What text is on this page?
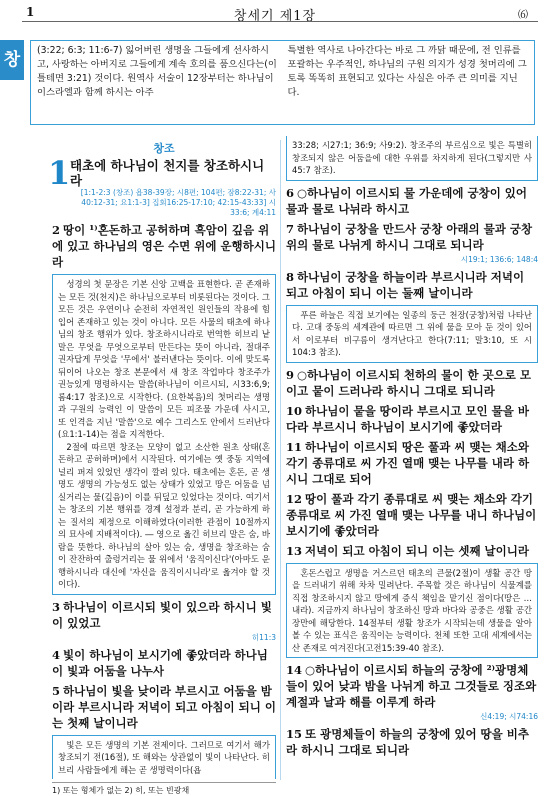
1	창세기 제1장	⑹
창	(3:22; 6:3; 11:6-7) 잃어버린 생명을 그들에게 선사하시고, 사랑하는 아버지로 그들에게 계속 호의를 품으신다는(이틀테면 3:21) 것이다. 원역사 서술이 12장부터는 하나님이 이스라엘과 함께 하시는 아주
특별한 역사로 나아간다는 바로 그 까닭 때문에, 전 인류를 포괄하는 우주적인, 하나님의 구원 의지가 성경 첫머리에 그토록 똑똑히 표현되고 있다는 사실은 아주 큰 의미를 지닌다.
창조
1 태초에 하나님이 천지를 창조하시니라
[1:1-2:3 (창조) 욥38-39장; 시8편; 104편; 잠8:22-31; 사40:12-31; 요1:1-3] 집회16:25-17:10; 42:15-43:33] 시33:6; 계4:11
2 땅이 ¹⁾혼돈하고 공허하며 흑암이 깊음 위에 있고 하나님의 영은 수면 위에 운행하시니라
성경의 첫 문장은 기본 신앙 고백을 표현한다. 곧 존재하는 모든 것(천지)은 하나님으로부터 비롯된다는 것이다. 그 모든 것은 우연이나 순전히 자연적인 원인들의 작용에 힘입어 존재하고 있는 것이 아니다. 모든 사물의 태초에 하나님의 창조 행위가 있다. 창조하시니라로 번역한 히브리 낱말은 무엇을 무엇으로부터 만든다는 뜻이 아니라, 절대주권자답게 무엇을 '무에서' 불러낸다는 뜻이다. 이에 맞도록 뒤이어 나오는 창조 본문에서 새 창조 작업마다 창조주가 권능있게 명령하시는 말씀(하나님이 이르시되, 시33:6,9; 롬4:17 참조)으로 시작한다. (요한복음)의 첫머리는 생명과 구원의 능력인 이 말씀이 모든 피조물 가운데 사시고, 또 인격을 지닌 '말씀'으로 예수 그리스도 안에서 드러난다(요1:1-14)는 점을 지적한다.
2절에 따르면 창조는 모양이 없고 소산한 원초 상태(혼돈하고 공허하며)에서 시작된다. 여기에는 옛 중동 지역에 널리 퍼져 있었던 생각이 깔려 있다. 태초에는 혼돈, 곧 생명도 생명의 가능성도 없는 상태가 있었고 땅은 어둠을 넘실거리는 물(깊음)이 이를 뒤덮고 있었다는 것이다. 여기서는 창조의 기본 행위를 경계 설정과 분리, 곧 가능하게 하는 질서의 제정으로 이해하였다(이러한 관점이 10절까지의 묘사에 지배적이다). ― 영으로 옮긴 히브리 말은 숨, 바람을 뜻한다. 하나님의 살아 있는 숨, 생명을 창조하는 숨이 잔잔하여 출렁거리는 물 위에서 '움직이신다'(아마도 운행하시니라 대신에 '자신을 움직이시니라'로 옮겨야 할 것이다).
3 하나님이 이르시되 빛이 있으라 하시니 빛이 있었고
히11:3
4 빛이 하나님이 보시기에 좋았더라 하나님이 빛과 어둠을 나누사
5 하나님이 빛을 낮이라 부르시고 어둠을 밤이라 부르시니라 저녁이 되고 아침이 되니 이는 첫째 날이니라
빛은 모든 생명의 기본 전제이다. 그러므로 여기서 해가 창조되기 전(16절), 또 해와는 상관없이 빛이 나타난다. 히브리 사람들에게 해는 곧 생명력이다(욥
1) 또는 형체가 없는 2) 히, 또는 빈광채
33:28; 시27:1; 36:9; 사9:2). 창조주의 부르심으로 빛은 특별히 창조되지 않은 어둠을에 대한 우위를 차지하게 된다(그렇지만 사45:7 참조).
6 ○하나님이 이르시되 물 가운데에 궁창이 있어 물과 물로 나뉘라 하시고
7 하나님이 궁창을 만드사 궁창 아래의 물과 궁창 위의 물로 나뉘게 하시니 그대로 되니라
시19:1; 136:6; 148:4
8 하나님이 궁창을 하늘이라 부르시니라 저녁이 되고 아침이 되니 이는 둘째 날이니라
푸른 하늘은 직접 보기에는 일종의 둥근 천장(궁창)처럼 나타난다. 고대 중동의 세계관에 따르면 그 위에 물을 모아 둔 것이 있어서 이로부터 비구름이 생겨난다고 한다(7:11; 말3:10, 또 시104:3 참조).
9 ○하나님이 이르시되 천하의 물이 한 곳으로 모이고 뭍이 드러나라 하시니 그대로 되니라
10 하나님이 뭍을 땅이라 부르시고 모인 물을 바다라 부르시니 하나님이 보시기에 좋았더라
11 하나님이 이르시되 땅은 풀과 씨 맺는 채소와 각기 종류대로 씨 가진 열매 맺는 나무를 내라 하시니 그대로 되어
12 땅이 풀과 각기 종류대로 씨 맺는 채소와 각기 종류대로 씨 가진 열매 맺는 나무를 내니 하나님이 보시기에 좋았더라
13 저녁이 되고 아침이 되니 이는 셋째 날이니라
혼돈스럽고 생명을 거스르던 태초의 큰물(2절)이 생활 공간 땅을 드러내기 위해 차차 밀려난다. 주목할 것은 하나님이 식물계를 직접 창조하시지 않고 땅에게 증식 책임을 맡기신 점이다(땅은 … 내라). 지금까지 하나님이 창조하신 땅과 바다와 공중은 생활 공간 장만에 해당한다. 14절부터 생활 창조가 시작되는데 생물을 알아볼 수 있는 표식은 움직이는 능력이다. 천체 또한 고대 세계에서는 산 존재로 여겨진다(고전15:39-40 참조).
14 ○하나님이 이르시되 하늘의 궁창에 ²⁾광명체들이 있어 낮과 밤을 나뉘게 하고 그것들로 징조와 계절과 날과 해를 이루게 하라
신4:19; 시74:16
15 또 광명체들이 하늘의 궁창에 있어 땅을 비추라 하시니 그대로 되니라
